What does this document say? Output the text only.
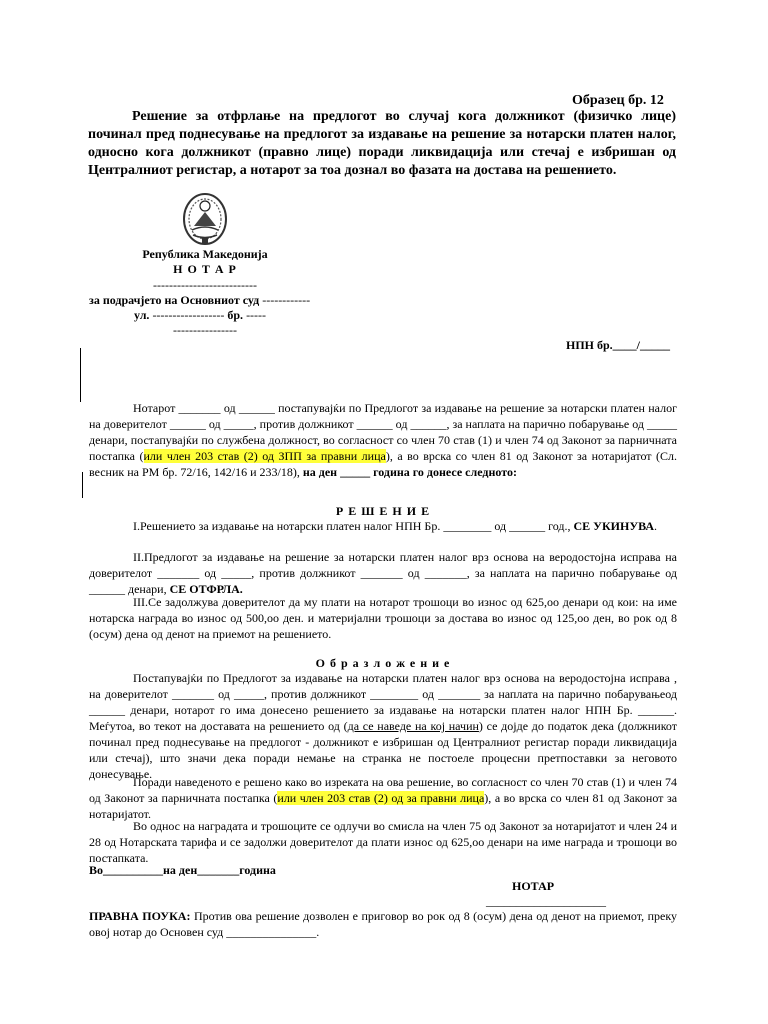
Образец бр. 12
Решение за отфрлање на предлогот во случај кога должникот (физичко лице) починал пред поднесување на предлогот за издавање на решение за нотарски платен налог, односно кога должникот (правно лице) поради ликвидација или стечај е избришан од Централниот регистар, а нотарот за тоа дознал во фазата на достава на решението.
Република Македонија
Н О Т А Р
--------------------------
за подрачјето на Основниот суд ------------
ул. ------------------ бр. -----
----------------
НПН бр.____/_____
Нотарот _______ од ______ постапувајќи по Предлогот за издавање на решение за нотарски платен налог на доверителот ______ од _____, против должникот ______ од ______, за наплата на парично побарување од _____ денари, постапувајќи по службена должност, во согласност со член 70 став (1) и член 74 од Законот за парничната постапка (или член 203 став (2) од ЗПП за правни лица), а во врска со член 81 од Законот за нотаријатот (Сл. весник на РМ бр. 72/16, 142/16 и 233/18), на ден _____ година го донесе следното:
Р Е Ш Е Н И Е
I.Решението за издавање на нотарски платен налог НПН Бр. ________ од ______ год., СЕ УКИНУВА.
II.Предлогот за издавање на решение за нотарски платен налог врз основа на веродостојна исправа на доверителот _______ од _____, против должникот _______ од _______, за наплата на парично побарување од ______ денари, СЕ ОТФРЛА.
III.Се задолжува доверителот да му плати на нотарот трошоци во износ од 625,оо денари од кои: на име нотарска награда во износ од 500,оо ден. и материјални трошоци за достава во износ од 125,оо ден, во рок од 8 (осум) дена од денот на приемот на решението.
О б р а з л о ж е н и е
Постапувајќи по Предлогот за издавање на нотарски платен налог врз основа на веродостојна исправа , на доверителот _______ од _____, против должникот ________ од _______ за наплата на парично побарувањеод ______ денари, нотарот го има донесено решението за издавање на нотарски платен налог НПН Бр. ______. Меѓутоа, во текот на доставата на решението од (да се наведе на кој начин) се дојде до податок дека (должникот починал пред поднесување на предлогот - должникот е избришан од Централниот регистар поради ликвидација или стечај), што значи дека поради немање на странка не постоеле процесни претпоставки за неговото донесување.
Поради наведеното е решено како во изреката на ова решение, во согласност со член 70 став (1) и член 74 од Законот за парничната постапка (или член 203 став (2) од за правни лица), а во врска со член 81 од Законот за нотаријатот.
Во однос на наградата и трошоците се одлучи во смисла на член 75 од Законот за нотаријатот и член 24 и 28 од Нотарската тарифа и се задолжи доверителот да плати износ од 625,оо денари на име награда и трошоци во постапката.
Во__________на ден_______година
НОТАР
____________________
ПРАВНА ПОУКА: Против ова решение дозволен е приговор во рок од 8 (осум) дена од денот на приемот, преку овој нотар до Основен суд _______________.
